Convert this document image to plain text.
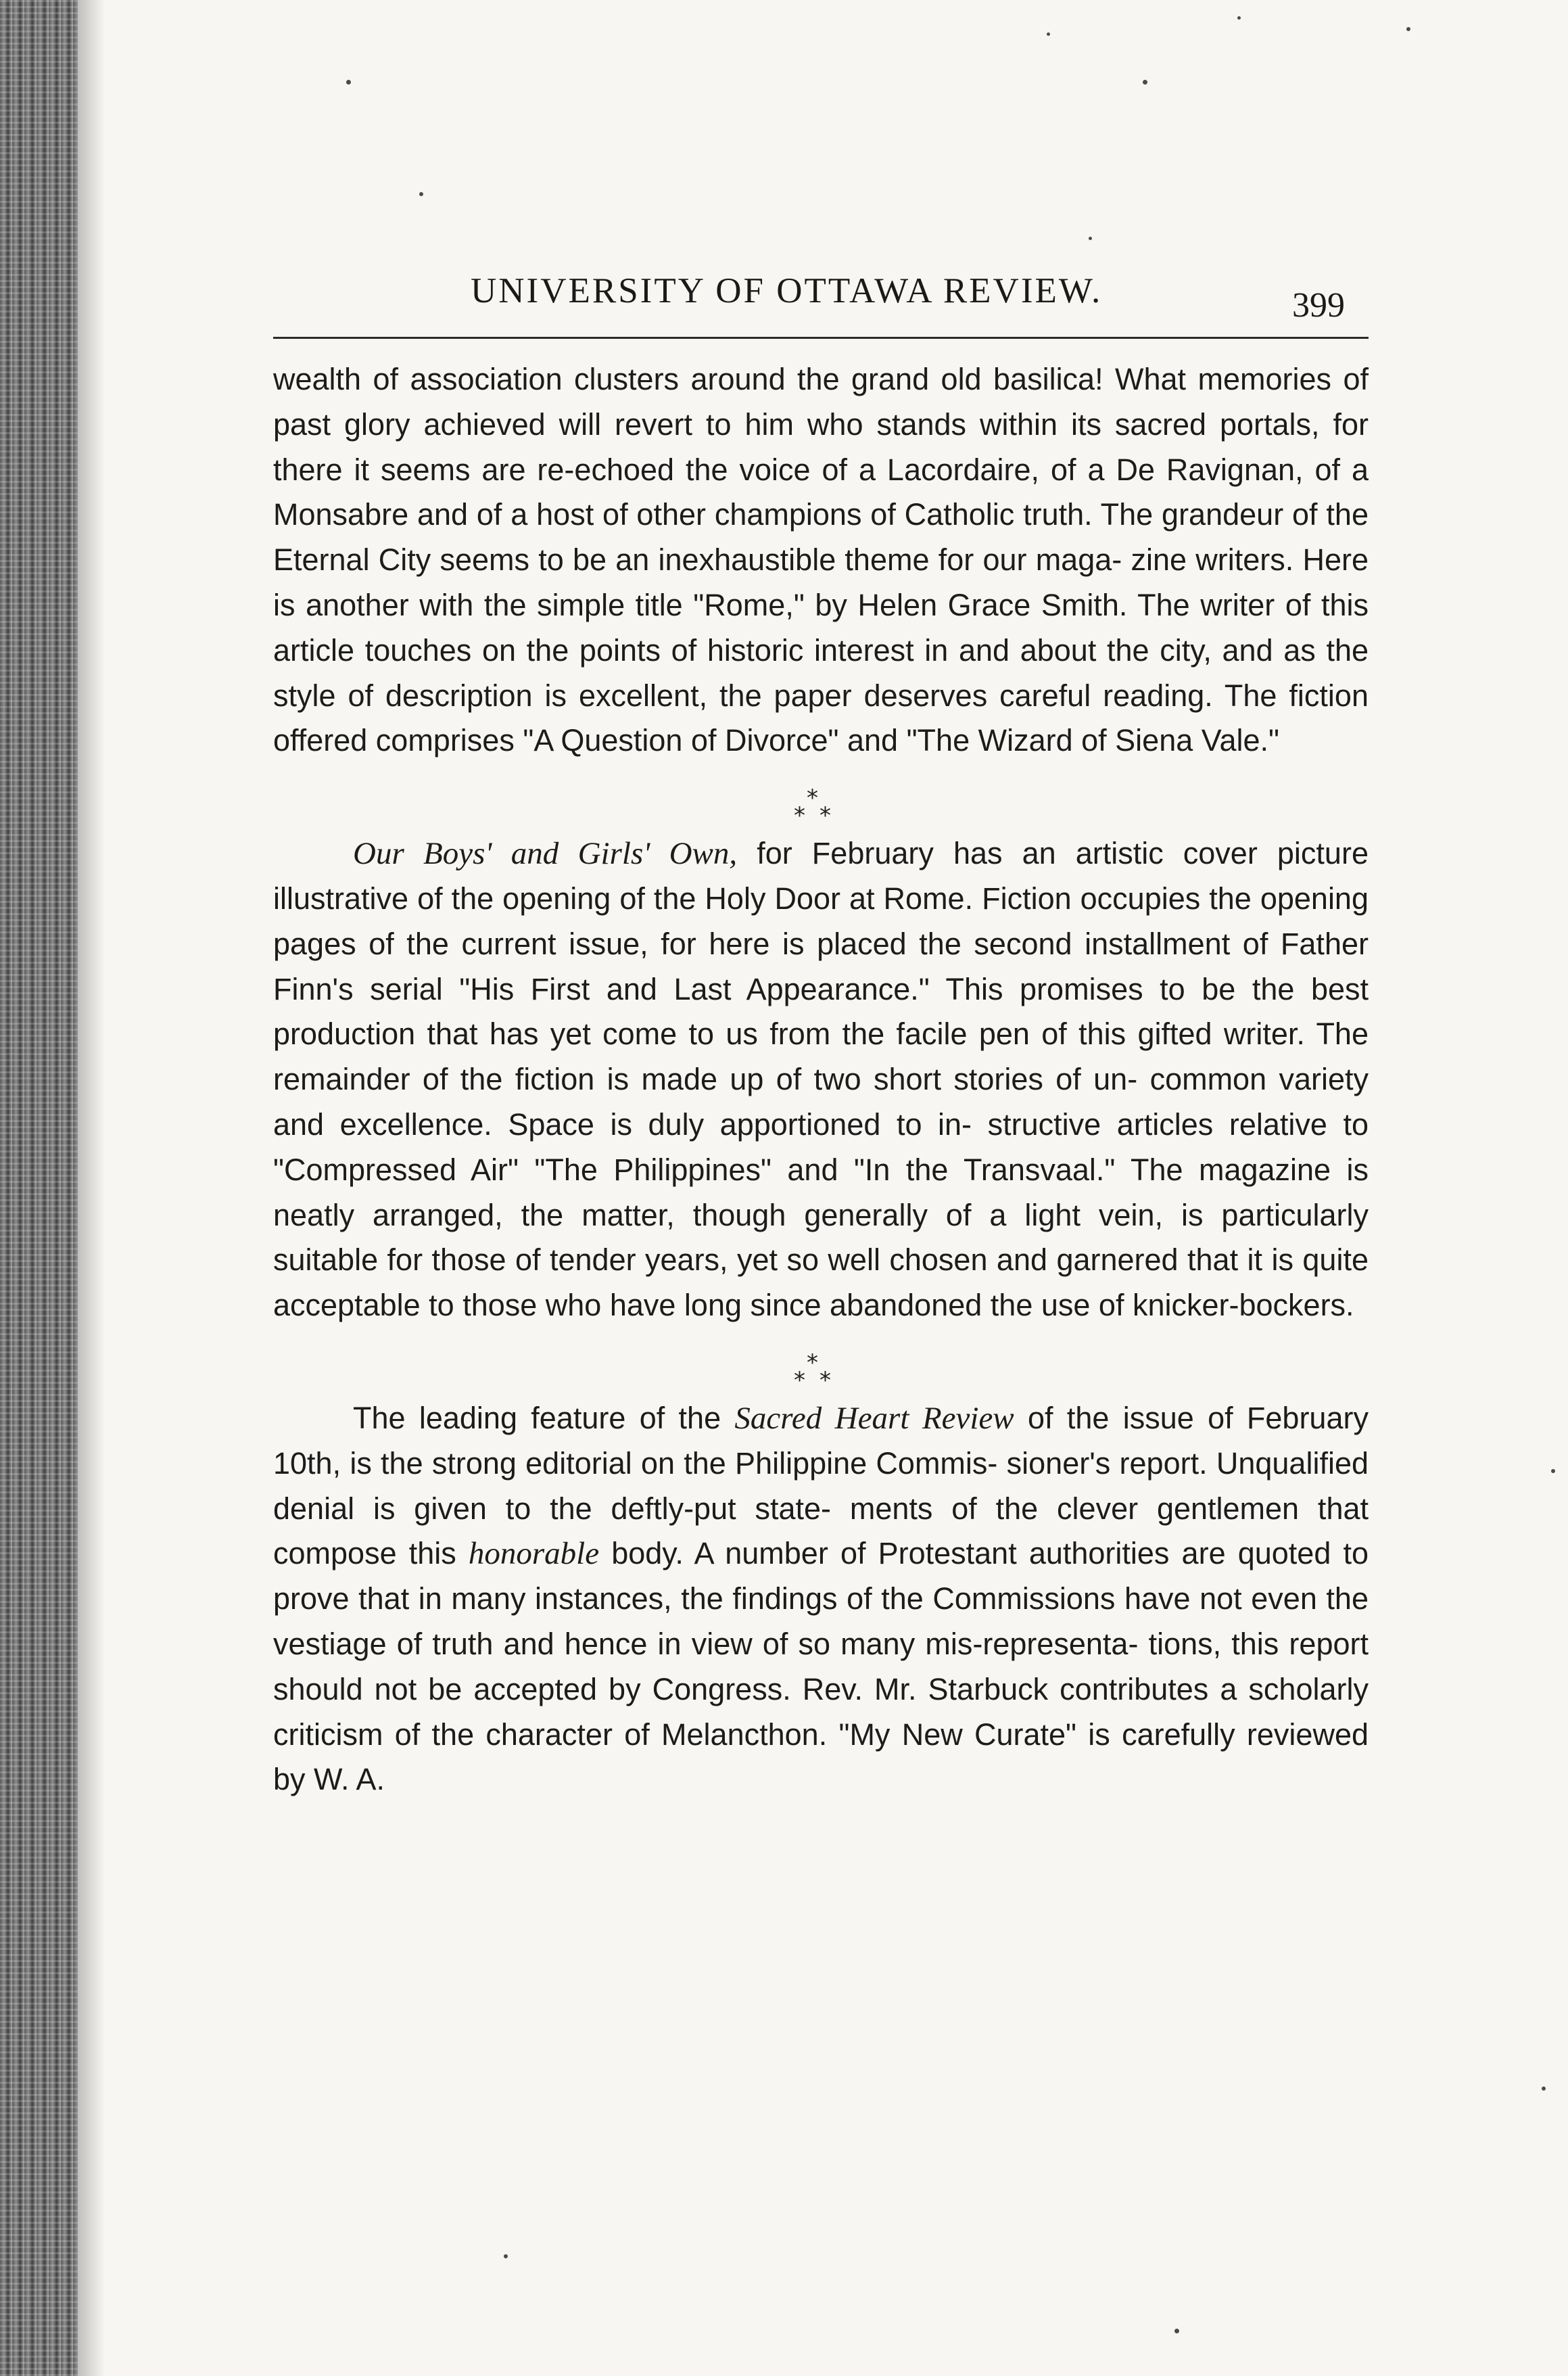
UNIVERSITY OF OTTAWA REVIEW.	399

wealth of association clusters around the grand old basilica! What memories of past glory achieved will revert to him who stands within its sacred portals, for there it seems are re-echoed the voice of a Lacordaire, of a De Ravignan, of a Monsabre and of a host of other champions of Catholic truth. The grandeur of the Eternal City seems to be an inexhaustible theme for our maga- zine writers. Here is another with the simple title "Rome," by Helen Grace Smith. The writer of this article touches on the points of historic interest in and about the city, and as the style of description is excellent, the paper deserves careful reading. The fiction offered comprises "A Question of Divorce" and "The Wizard of Siena Vale."

*
* *

Our Boys' and Girls' Own, for February has an artistic cover picture illustrative of the opening of the Holy Door at Rome. Fiction occupies the opening pages of the current issue, for here is placed the second installment of Father Finn's serial "His First and Last Appearance." This promises to be the best production that has yet come to us from the facile pen of this gifted writer. The remainder of the fiction is made up of two short stories of un- common variety and excellence. Space is duly apportioned to in- structive articles relative to "Compressed Air" "The Philippines" and "In the Transvaal." The magazine is neatly arranged, the matter, though generally of a light vein, is particularly suitable for those of tender years, yet so well chosen and garnered that it is quite acceptable to those who have long since abandoned the use of knicker-bockers.

*
* *

The leading feature of the Sacred Heart Review of the issue of February 10th, is the strong editorial on the Philippine Commis- sioner's report. Unqualified denial is given to the deftly-put state- ments of the clever gentlemen that compose this honorable body. A number of Protestant authorities are quoted to prove that in many instances, the findings of the Commissions have not even the vestiage of truth and hence in view of so many mis-representa- tions, this report should not be accepted by Congress. Rev. Mr. Starbuck contributes a scholarly criticism of the character of Melancthon. "My New Curate" is carefully reviewed by W. A.
